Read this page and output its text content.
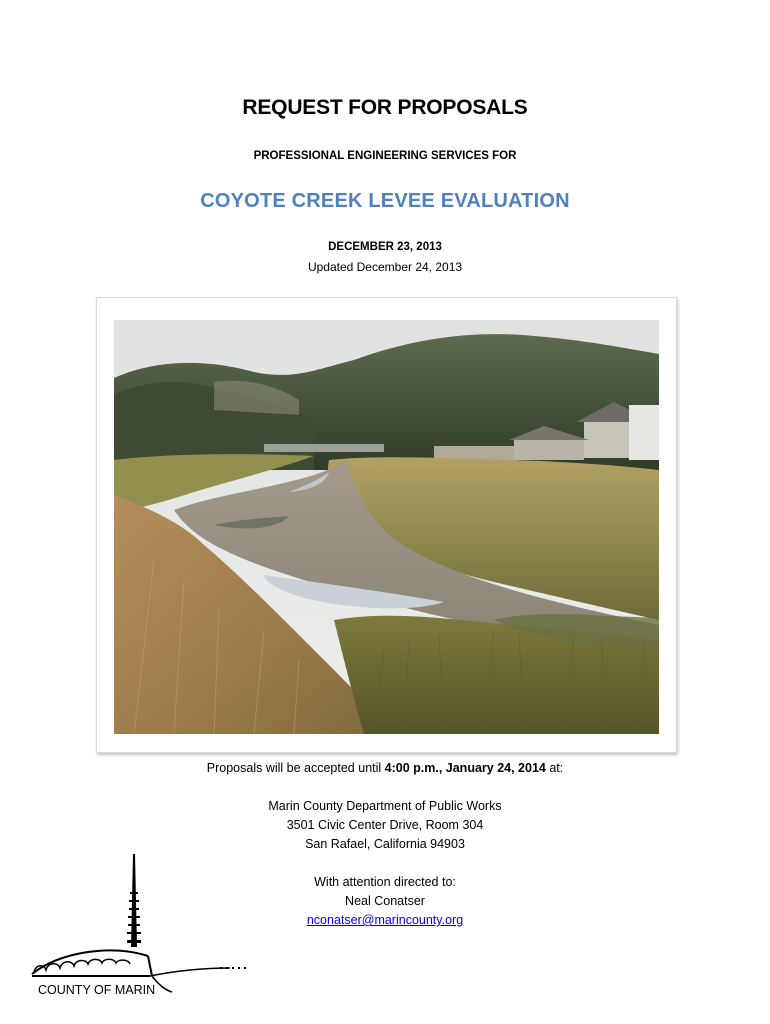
REQUEST FOR PROPOSALS
PROFESSIONAL ENGINEERING SERVICES FOR
COYOTE CREEK LEVEE EVALUATION
DECEMBER 23, 2013
Updated December 24, 2013
Proposals will be accepted until 4:00 p.m., January 24, 2014 at:
Marin County Department of Public Works
3501 Civic Center Drive, Room 304
San Rafael, California 94903
With attention directed to:
Neal Conatser
nconatser@marincounty.org
COUNTY OF MARIN
